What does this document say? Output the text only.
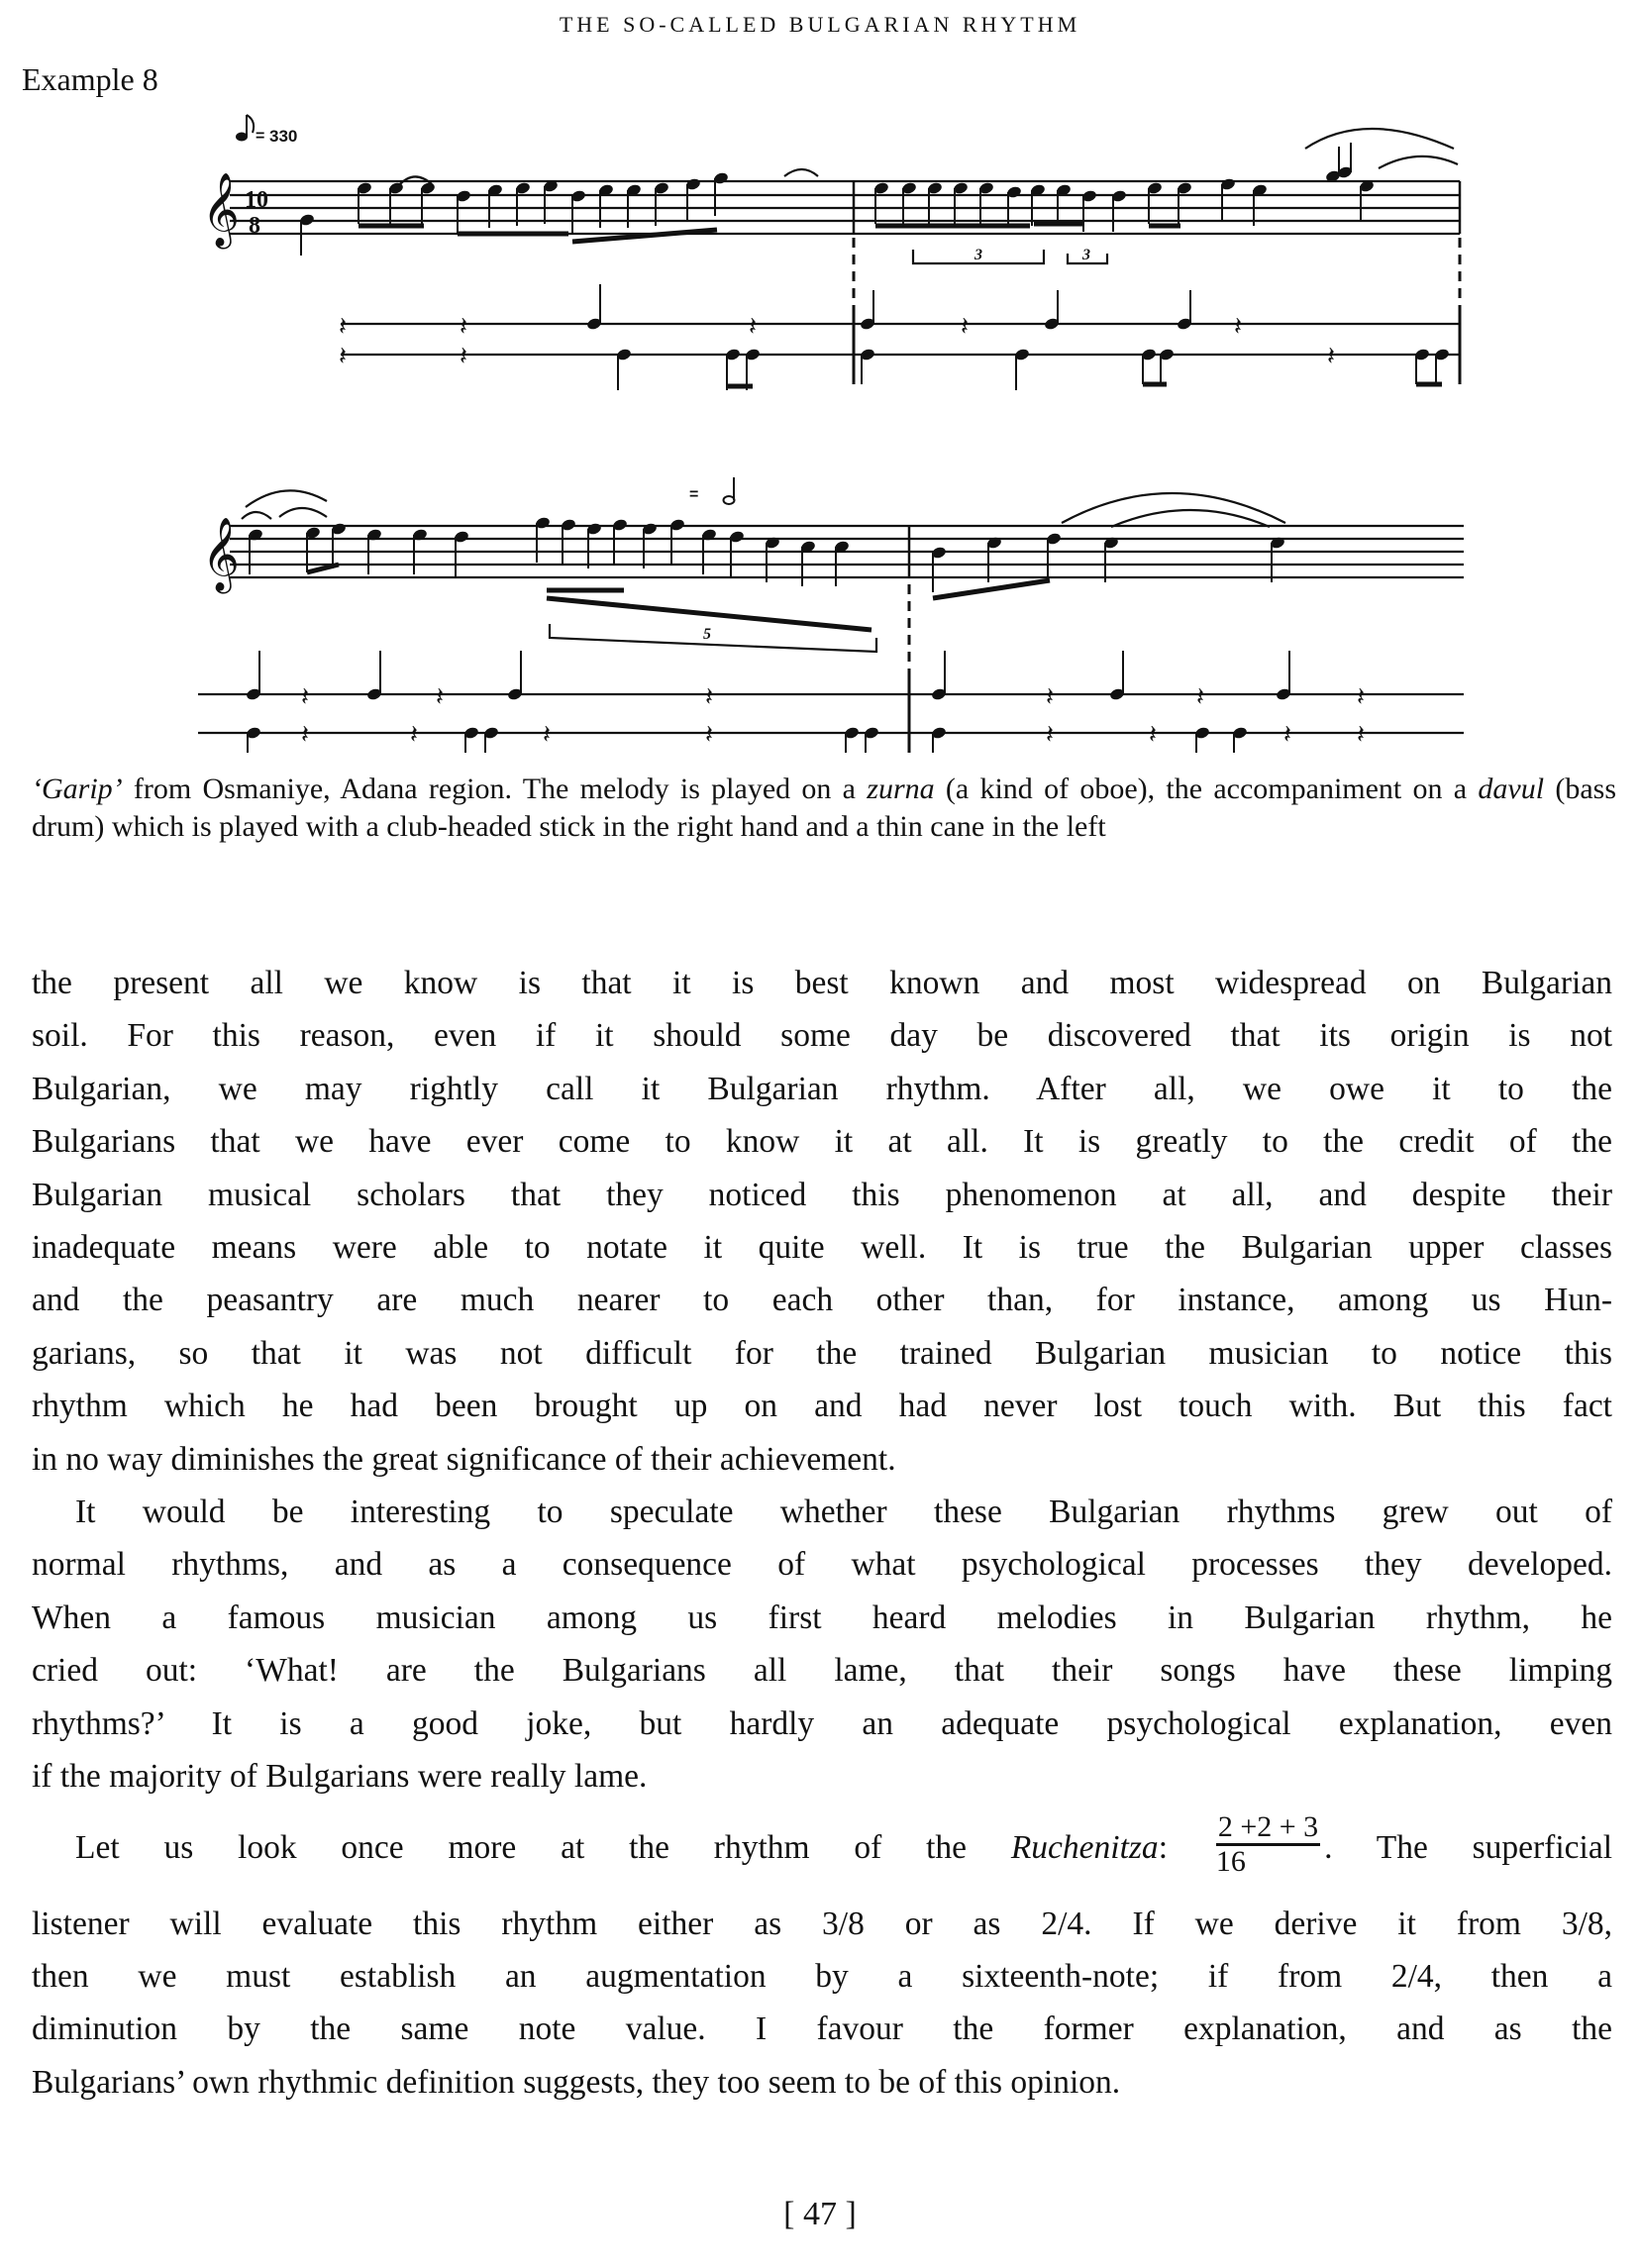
THE SO-CALLED BULGARIAN RHYTHM
Example 8
𝄞
𝄞
10
8
= 330
=
3	3
5
𝄽	𝄽	𝄽	𝄽	𝄽
𝄽	𝄽	𝄽
𝄽	𝄽	𝄽	𝄽	𝄽	𝄽
𝄽	𝄽	𝄽	𝄽	𝄽	𝄽	𝄽	𝄽
‘Garip’ from Osmaniye, Adana region. The melody is played on a zurna (a kind of oboe), the accompaniment on a davul (bass drum) which is played with a club-headed stick in the right hand and a thin cane in the left
the present all we know is that it is best known and most widespread on Bulgarian
soil. For this reason, even if it should some day be discovered that its origin is not
Bulgarian, we may rightly call it Bulgarian rhythm. After all, we owe it to the
Bulgarians that we have ever come to know it at all. It is greatly to the credit of the
Bulgarian musical scholars that they noticed this phenomenon at all, and despite their
inadequate means were able to notate it quite well. It is true the Bulgarian upper classes
and the peasantry are much nearer to each other than, for instance, among us Hun-
garians, so that it was not difficult for the trained Bulgarian musician to notice this
rhythm which he had been brought up on and had never lost touch with. But this fact
in no way diminishes the great significance of their achievement.
It would be interesting to speculate whether these Bulgarian rhythms grew out of
normal rhythms, and as a consequence of what psychological processes they developed.
When a famous musician among us first heard melodies in Bulgarian rhythm, he
cried out: ‘What! are the Bulgarians all lame, that their songs have these limping
rhythms?’ It is a good joke, but hardly an adequate psychological explanation, even
if the majority of Bulgarians were really lame.
Let us look once more at the rhythm of the Ruchenitza: $\frac{2 +2 + 3}{16}$ . The superficial
listener will evaluate this rhythm either as 3/8 or as 2/4. If we derive it from 3/8,
then we must establish an augmentation by a sixteenth-note; if from 2/4, then a
diminution by the same note value. I favour the former explanation, and as the
Bulgarians’ own rhythmic definition suggests, they too seem to be of this opinion.
[ 47 ]
